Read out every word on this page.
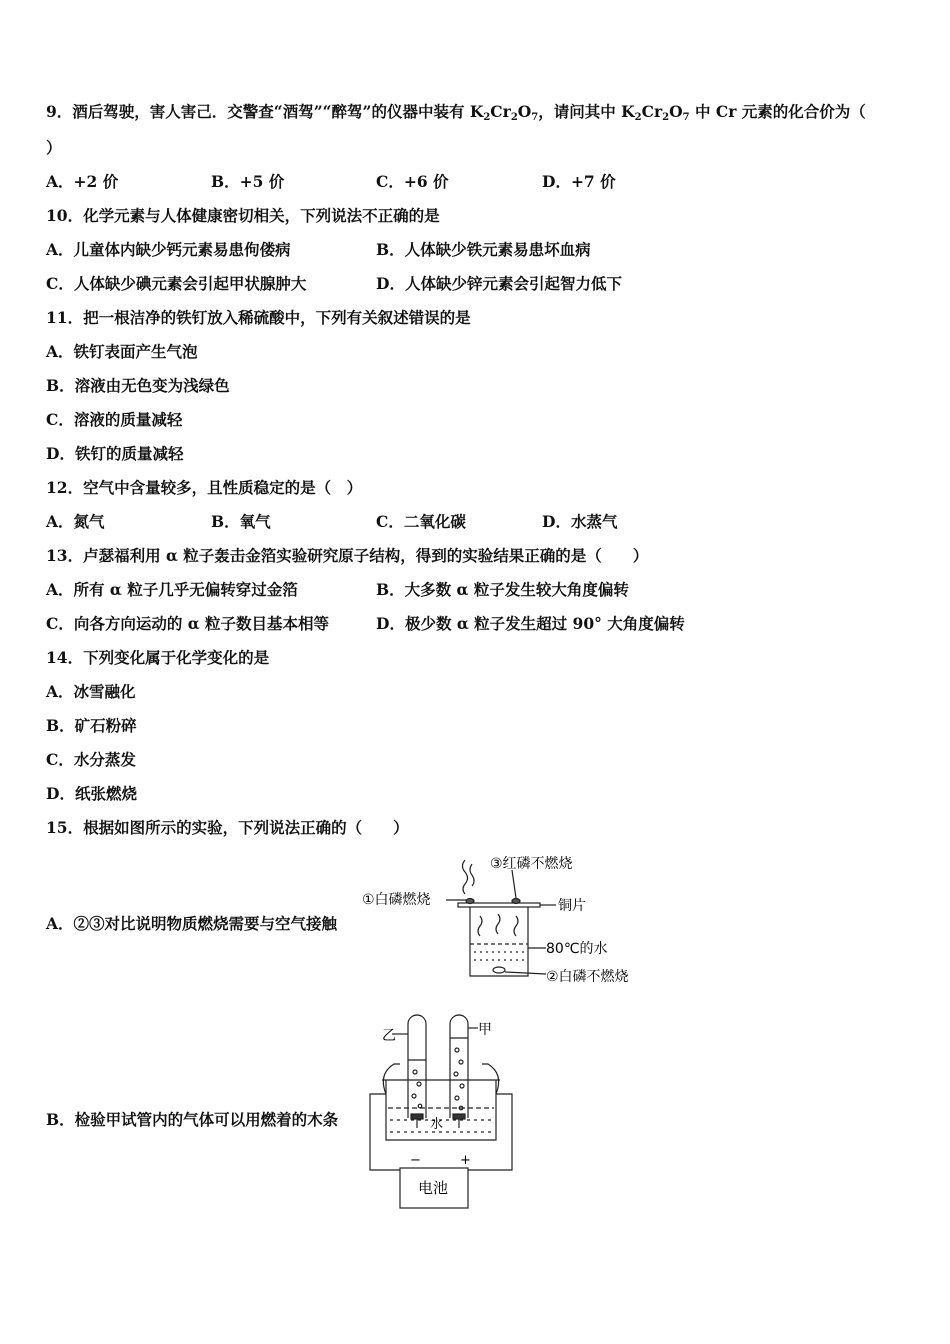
9．酒后驾驶，害人害己．交警查“酒驾”“醉驾”的仪器中装有 $K_2Cr_2O_7$，请问其中 $K_2Cr_2O_7$ 中 Cr 元素的化合价为（
）
A．+2 价	B．+5 价	C．+6 价	D．+7 价
10．化学元素与人体健康密切相关，下列说法不正确的是
A．儿童体内缺少钙元素易患佝偻病	B．人体缺少铁元素易患坏血病
C．人体缺少碘元素会引起甲状腺肿大	D．人体缺少锌元素会引起智力低下
11．把一根洁净的铁钉放入稀硫酸中，下列有关叙述错误的是
A．铁钉表面产生气泡
B．溶液由无色变为浅绿色
C．溶液的质量减轻
D．铁钉的质量减轻
12．空气中含量较多，且性质稳定的是（　）
A．氮气	B．氧气	C．二氧化碳	D．水蒸气
13．卢瑟福利用 α 粒子轰击金箔实验研究原子结构，得到的实验结果正确的是（　　）
A．所有 α 粒子几乎无偏转穿过金箔	B．大多数 α 粒子发生较大角度偏转
C．向各方向运动的 α 粒子数目基本相等	D．极少数 α 粒子发生超过 90° 大角度偏转
14．下列变化属于化学变化的是
A．冰雪融化
B．矿石粉碎
C．水分蒸发
D．纸张燃烧
15．根据如图所示的实验，下列说法正确的（　　）
A．②③对比说明物质燃烧需要与空气接触
B．检验甲试管内的气体可以用燃着的木条
③红磷不燃烧
①白磷燃烧	铜片
80℃的水
②白磷不燃烧
乙	甲
水
−	+
电池
